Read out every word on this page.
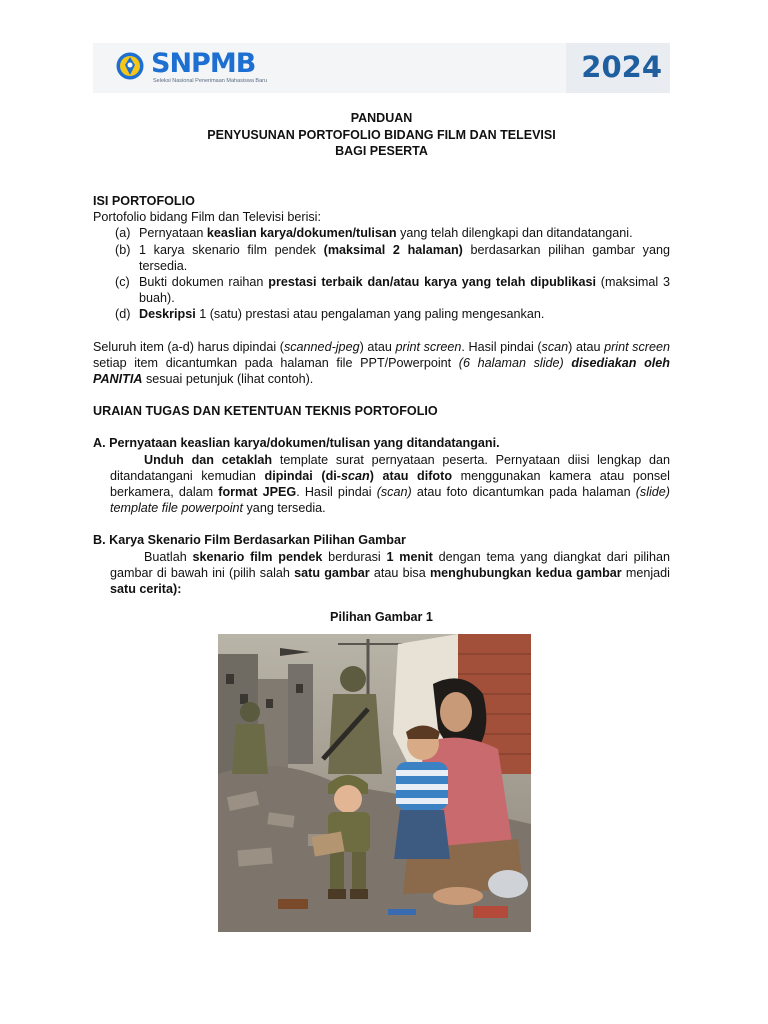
SNPMB
Seleksi Nasional Penerimaan Mahasiswa Baru	2024
PANDUAN
PENYUSUNAN PORTOFOLIO BIDANG FILM DAN TELEVISI
BAGI PESERTA

ISI PORTOFOLIO

Portofolio bidang Film dan Televisi berisi:

(a) Pernyataan keaslian karya/dokumen/tulisan yang telah dilengkapi dan ditandatangani.
(b) 1 karya skenario film pendek (maksimal 2 halaman) berdasarkan pilihan gambar yang tersedia.
(c) Bukti dokumen raihan prestasi terbaik dan/atau karya yang telah dipublikasi (maksimal 3 buah).
(d) Deskripsi 1 (satu) prestasi atau pengalaman yang paling mengesankan.

Seluruh item (a-d) harus dipindai (scanned-jpeg) atau print screen. Hasil pindai (scan) atau print screen setiap item dicantumkan pada halaman file PPT/Powerpoint (6 halaman slide) disediakan oleh PANITIA sesuai petunjuk (lihat contoh).

URAIAN TUGAS DAN KETENTUAN TEKNIS PORTOFOLIO

A. Pernyataan keaslian karya/dokumen/tulisan yang ditandatangani.

Unduh dan cetaklah template surat pernyataan peserta. Pernyataan diisi lengkap dan ditandatangani kemudian dipindai (di-scan) atau difoto menggunakan kamera atau ponsel berkamera, dalam format JPEG. Hasil pindai (scan) atau foto dicantumkan pada halaman (slide) template file powerpoint yang tersedia.

B. Karya Skenario Film Berdasarkan Pilihan Gambar

Buatlah skenario film pendek berdurasi 1 menit dengan tema yang diangkat dari pilihan gambar di bawah ini (pilih salah satu gambar atau bisa menghubungkan kedua gambar menjadi satu cerita):

Pilihan Gambar 1
